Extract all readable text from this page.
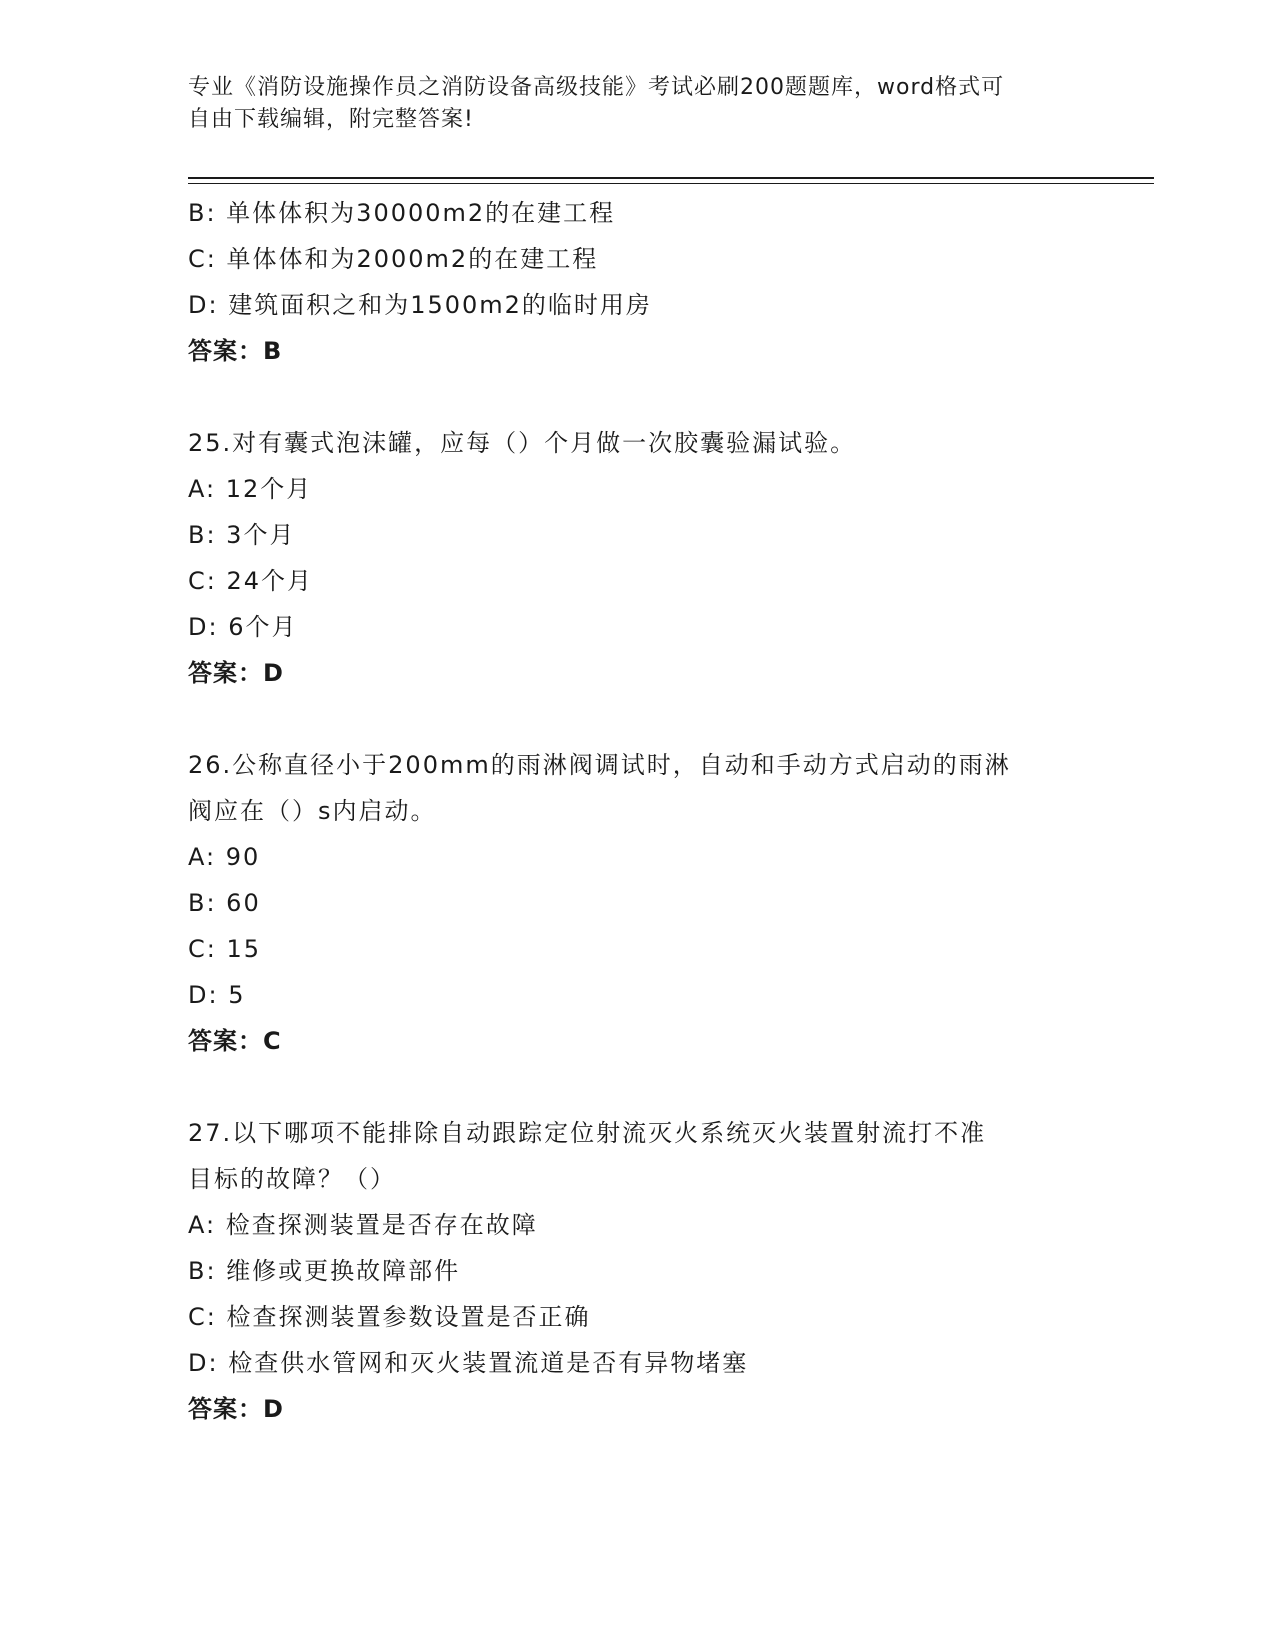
专业《消防设施操作员之消防设备高级技能》考试必刷200题题库，word格式可
自由下载编辑，附完整答案!
B: 单体体积为30000m2的在建工程
C: 单体体和为2000m2的在建工程
D: 建筑面积之和为1500m2的临时用房
答案：B
25.对有囊式泡沫罐，应每（）个月做一次胶囊验漏试验。
A: 12个月
B: 3个月
C: 24个月
D: 6个月
答案：D
26.公称直径小于200mm的雨淋阀调试时，自动和手动方式启动的雨淋
阀应在（）s内启动。
A: 90
B: 60
C: 15
D: 5
答案：C
27.以下哪项不能排除自动跟踪定位射流灭火系统灭火装置射流打不准
目标的故障？（）
A: 检查探测装置是否存在故障
B: 维修或更换故障部件
C: 检查探测装置参数设置是否正确
D: 检查供水管网和灭火装置流道是否有异物堵塞
答案：D
